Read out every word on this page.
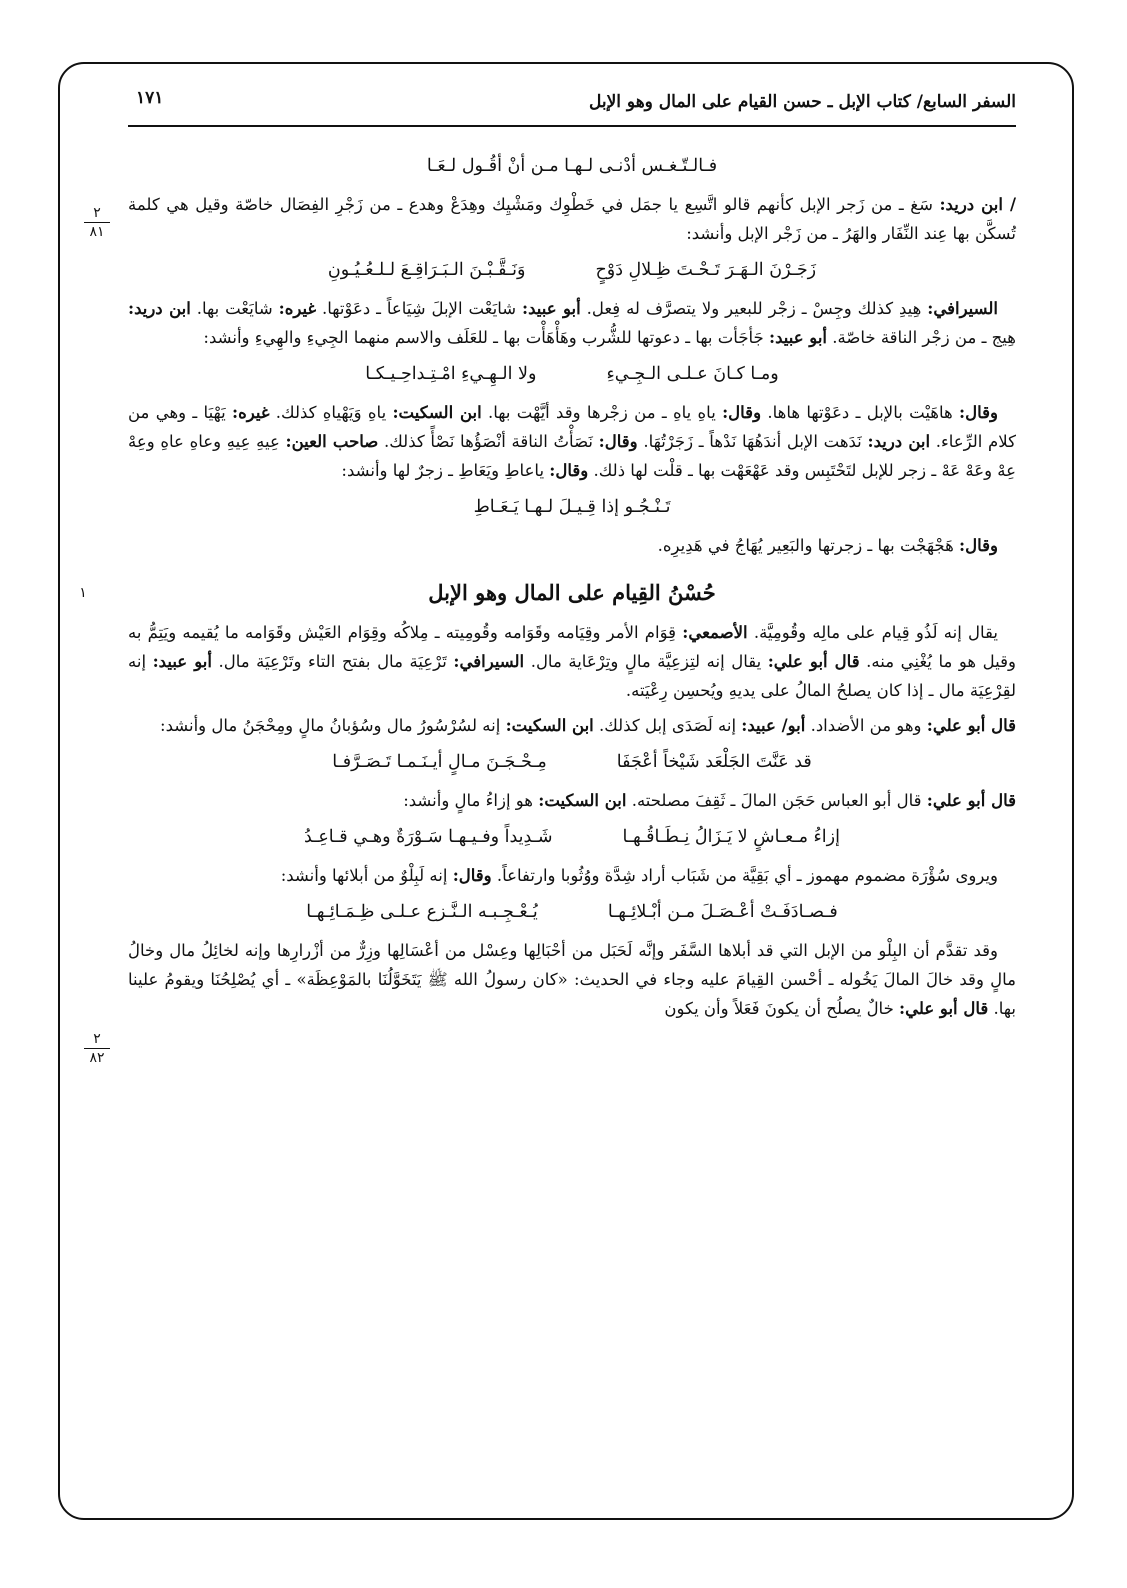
السفر السابع/ كتاب الإبل ـ حسن القيام على المال وهو الإبل
١٧١
٢
٨١
١
٢
٨٢
فـالـتّـغـس أدْنـى لـهـا مـن أنْ أقُـول لـعَـا

/ ابن دريد: سَغ ـ من زَجر الإبل كأنهم قالو اتَّسِع يا جمَل في خَطْوِك ومَشْيِك وهِدَعْ وهدع ـ من زَجْرِ الفِصَال خاصّة وقيل هي كلمة تُسكَّن بها عِند النِّفَار والهَرُ ـ من زَجْر الإبل وأنشد:

زَجَـرْنَ الـهَـرَ تَـحْـتَ ظِـلالِ دَوْحٍ
وَنَـقَّـبْـنَ الـبَـرَاقِـعَ لـلـعُـيُـونِ

السيرافي: هِيدِ كذلك وجِسْ ـ زجْر للبعير ولا يتصرَّف له فِعل. أبو عبيد: شايَعْت الإبلَ شِيَاعاً ـ دعَوْتها. غيره: شايَعْت بها. ابن دريد: هِيج ـ من زجْر الناقة خاصّة. أبو عبيد: جَأجَأت بها ـ دعوتها للشُّرب وهَأْهَأْت بها ـ للعَلَف والاسم منهما الجِيءِ والهِيءِ وأنشد:

ومـا كـانَ عـلـى الـجِـيءِ
ولا الـهِـيءِ امْـتِـداحِـيـكـا

وقال: هاهَيْت بالإبل ـ دعَوْتها هاها. وقال: ياهِ ياهِ ـ من زجْرها وقد أيَّهْت بها. ابن السكيت: ياهِ وَيَهْياهِ كذلك. غيره: يَهْيَا ـ وهي من كلام الرِّعاء. ابن دريد: نَدَهت الإبل أندَهُهَا نَدْهاً ـ زَجَرْتُهَا. وقال: نَصَأْتُ الناقة أنْصَؤُها نَصْأً كذلك. صاحب العين: عِيهِ عِيهِ وعاهِ عاهِ وعِهْ عِهْ وعَهْ عَهْ ـ زجر للإبل لتَحْتَبِس وقد عَهْعَهْت بها ـ قلْت لها ذلك. وقال: ياعاطِ ويَعَاطِ ـ زجرٌ لها وأنشد:

تَـنْـجُـو إذا قِـيـلَ لـهـا يَـعَـاطِ

وقال: هَجْهَجْت بها ـ زجرتها والبَعِير يُهَاجُ في هَدِيرِه.

حُسْنُ القِيام على المال وهو الإبل

يقال إنه لَذُو قِيام على مالِه وقُومِيَّة. الأصمعي: قِوَام الأمر وقِيَامه وقَوَامه وقُومِيته ـ مِلاكُه وقِوَام العَيْش وقَوَامه ما يُقيمه ويَتِمُّ به وقيل هو ما يُغْنِي منه. قال أبو علي: يقال إنه لتِزعِيَّة مالٍ وتِرْعَاية مال. السيرافي: تَرْعِيَة مال بفتح التاء وتَرْعِيَة مال. أبو عبيد: إنه لقِرْعِيَة مال ـ إذا كان يصلحُ المالُ على يديهِ ويُحسِن رِعْيَته.

قال أبو علي: وهو من الأضداد. أبو/ عبيد: إنه لَصَدَى إبل كذلك. ابن السكيت: إنه لسُرْسُورُ مال وسُؤبانُ مالٍ ومِحْجَنُ مال وأنشد:

قد عَنَّتَ الجَلْعَد شَيْخاً أعْجَفَا
مِـحْـجَـنَ مـالٍ أيـنَـمـا تَـصَـرَّفـا

قال أبو علي: قال أبو العباس حَجَن المالَ ـ ثَقِفَ مصلحته. ابن السكيت: هو إزاءُ مالٍ وأنشد:

إزاءُ مـعـاشٍ لا يَـزَالُ نِـطَـاقُـهـا
شَـدِيداً وفـيـهـا سَـوْرَةٌ وهـي قـاعِـدُ

ويروى سُؤْرَة مضموم مهموز ـ أي بَقِيَّة من شَبَاب أراد شِدَّة ووُثُوبا وارتفاعاً. وقال: إنه لَبِلْوٌ من أبلائها وأنشد:

فـصـادَفَـتْ أعْـصَـلَ مـن أبْـلائِـهـا
يُـعْـجِـبـه الـنَّـزع عـلـى ظِـمَـائِـهـا

وقد تقدَّم أن البِلْو من الإبل التي قد أبلاها السَّفَر وإنَّه لَحَبَل من أحْبَالِها وعِسْل من أعْسَالِها وزِرٌّ من أزْرارِها وإنه لخائِلُ مال وخالُ مالٍ وقد خالَ المالَ يَخُوله ـ أحْسن القِيامَ عليه وجاء في الحديث: «كان رسولُ الله ﷺ يَتَخَوَّلُنَا بالمَوْعِظَة» ـ أي يُصْلِحُنَا ويقومُ علينا بها. قال أبو علي: خالٌ يصلُح أن يكونَ فَعَلاً وأن يكون
